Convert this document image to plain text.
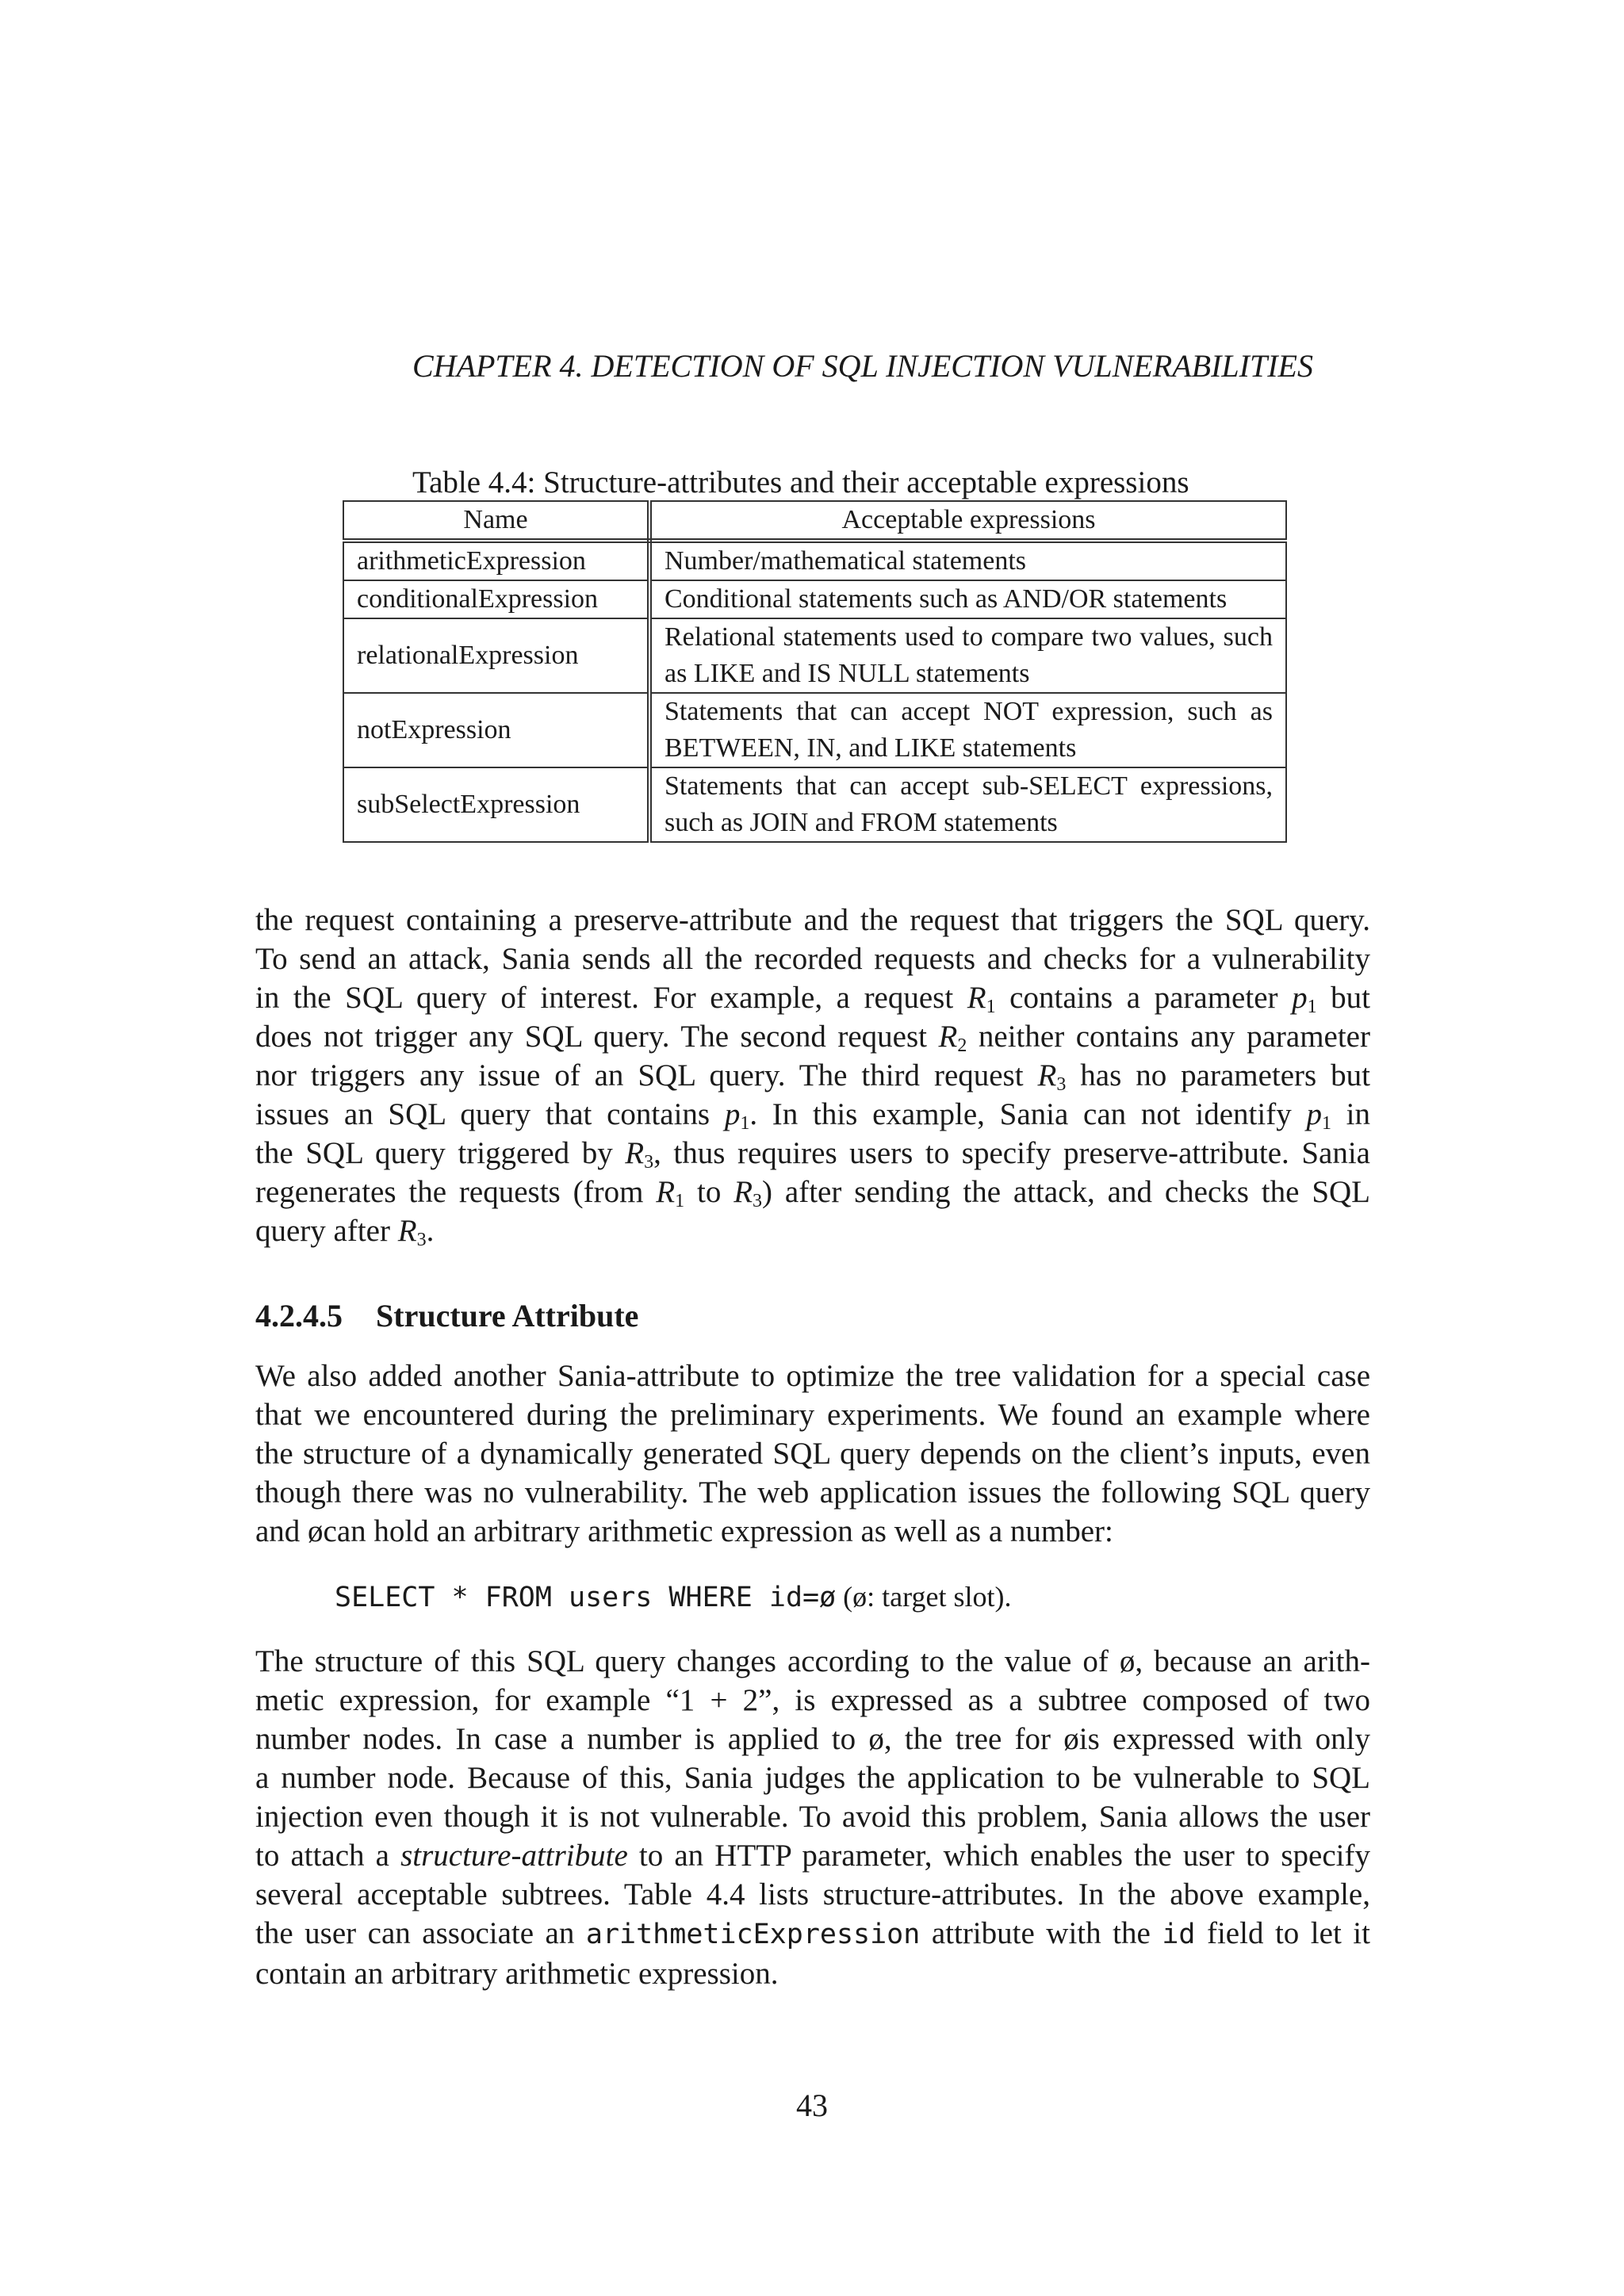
CHAPTER 4. DETECTION OF SQL INJECTION VULNERABILITIES
Table 4.4: Structure-attributes and their acceptable expressions
Name	Acceptable expressions
arithmeticExpression	Number/mathematical statements
conditionalExpression	Conditional statements such as AND/OR statements
relationalExpression	Relational statements used to compare two values, such as LIKE and IS NULL statements
notExpression	Statements that can accept NOT expression, such as BETWEEN, IN, and LIKE statements
subSelectExpression	Statements that can accept sub-SELECT expressions, such as JOIN and FROM statements
the request containing a preserve-attribute and the request that triggers the SQL query.
To send an attack, Sania sends all the recorded requests and checks for a vulnerability
in the SQL query of interest. For example, a request $R_1$ contains a parameter $p_1$ but
does not trigger any SQL query. The second request $R_2$ neither contains any parameter
nor triggers any issue of an SQL query. The third request $R_3$ has no parameters but
issues an SQL query that contains $p_1$. In this example, Sania can not identify $p_1$ in
the SQL query triggered by $R_3$, thus requires users to specify preserve-attribute. Sania
regenerates the requests (from $R_1$ to $R_3$) after sending the attack, and checks the SQL
query after $R_3$.
4.2.4.5 Structure Attribute
We also added another Sania-attribute to optimize the tree validation for a special case
that we encountered during the preliminary experiments. We found an example where
the structure of a dynamically generated SQL query depends on the client’s inputs, even
though there was no vulnerability. The web application issues the following SQL query
and øcan hold an arbitrary arithmetic expression as well as a number:
SELECT * FROM users WHERE id=ø (ø: target slot).
The structure of this SQL query changes according to the value of ø, because an arith-
metic expression, for example “1 + 2”, is expressed as a subtree composed of two
number nodes. In case a number is applied to ø, the tree for øis expressed with only
a number node. Because of this, Sania judges the application to be vulnerable to SQL
injection even though it is not vulnerable. To avoid this problem, Sania allows the user
to attach a structure-attribute to an HTTP parameter, which enables the user to specify
several acceptable subtrees. Table 4.4 lists structure-attributes. In the above example,
the user can associate an arithmeticExpression attribute with the id field to let it
contain an arbitrary arithmetic expression.
43
